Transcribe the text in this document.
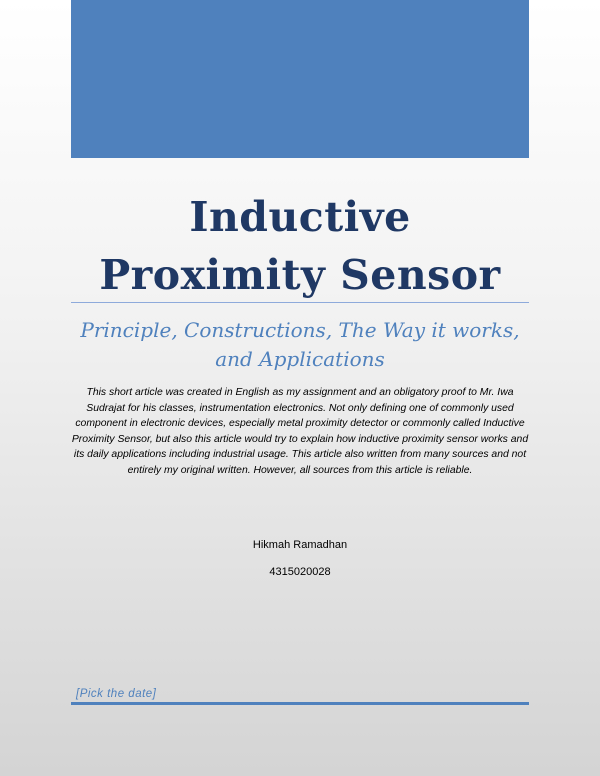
Inductive Proximity Sensor
Principle, Constructions, The Way it works, and Applications
This short article was created in English as my assignment and an obligatory proof to Mr. Iwa Sudrajat for his classes, instrumentation electronics. Not only defining one of commonly used component in electronic devices, especially metal proximity detector or commonly called Inductive Proximity Sensor, but also this article would try to explain how inductive proximity sensor works and its daily applications including industrial usage. This article also written from many sources and not entirely my original written. However, all sources from this article is reliable.
Hikmah Ramadhan
4315020028
[Pick the date]
